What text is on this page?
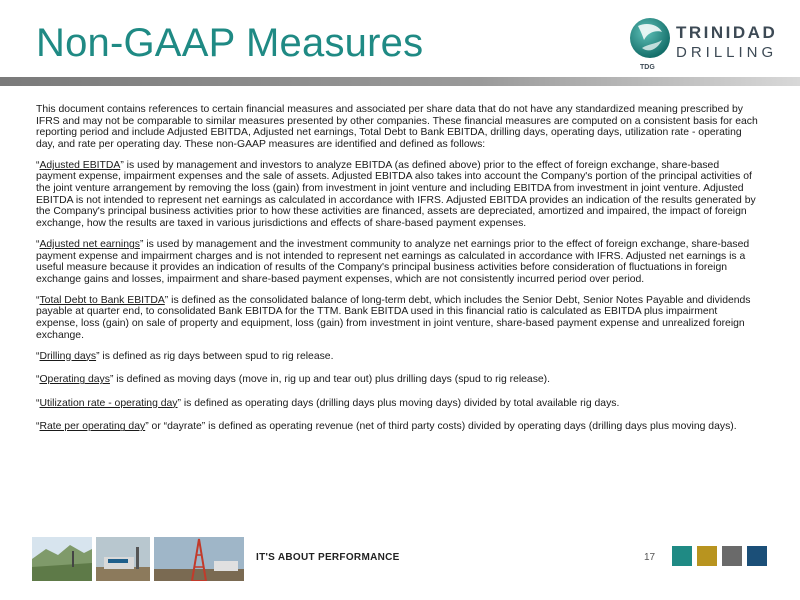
Non-GAAP Measures	TRINIDAD
DRILLING
TDG

This document contains references to certain financial measures and associated per share data that do not have any standardized meaning prescribed by IFRS and may not be comparable to similar measures presented by other companies. These financial measures are computed on a consistent basis for each reporting period and include Adjusted EBITDA, Adjusted net earnings, Total Debt to Bank EBITDA, drilling days, operating days, utilization rate - operating day, and rate per operating day. These non-GAAP measures are identified and defined as follows:

“Adjusted EBITDA” is used by management and investors to analyze EBITDA (as defined above) prior to the effect of foreign exchange, share-based payment expense, impairment expenses and the sale of assets. Adjusted EBITDA also takes into account the Company's portion of the principal activities of the joint venture arrangement by removing the loss (gain) from investment in joint venture and including EBITDA from investment in joint venture. Adjusted EBITDA is not intended to represent net earnings as calculated in accordance with IFRS. Adjusted EBITDA provides an indication of the results generated by the Company's principal business activities prior to how these activities are financed, assets are depreciated, amortized and impaired, the impact of foreign exchange, how the results are taxed in various jurisdictions and effects of share-based payment expenses.

“Adjusted net earnings” is used by management and the investment community to analyze net earnings prior to the effect of foreign exchange, share-based payment expense and impairment charges and is not intended to represent net earnings as calculated in accordance with IFRS. Adjusted net earnings is a useful measure because it provides an indication of results of the Company's principal business activities before consideration of fluctuations in foreign exchange gains and losses, impairment and share-based payment expenses, which are not consistently incurred period over period.

“Total Debt to Bank EBITDA” is defined as the consolidated balance of long-term debt, which includes the Senior Debt, Senior Notes Payable and dividends payable at quarter end, to consolidated Bank EBITDA for the TTM. Bank EBITDA used in this financial ratio is calculated as EBITDA plus impairment expense, loss (gain) on sale of property and equipment, loss (gain) from investment in joint venture, share-based payment expense and unrealized foreign exchange.

“Drilling days” is defined as rig days between spud to rig release.

“Operating days” is defined as moving days (move in, rig up and tear out) plus drilling days (spud to rig release).

“Utilization rate - operating day” is defined as operating days (drilling days plus moving days) divided by total available rig days.

“Rate per operating day” or “dayrate” is defined as operating revenue (net of third party costs) divided by operating days (drilling days plus moving days).

IT'S ABOUT PERFORMANCE	17
